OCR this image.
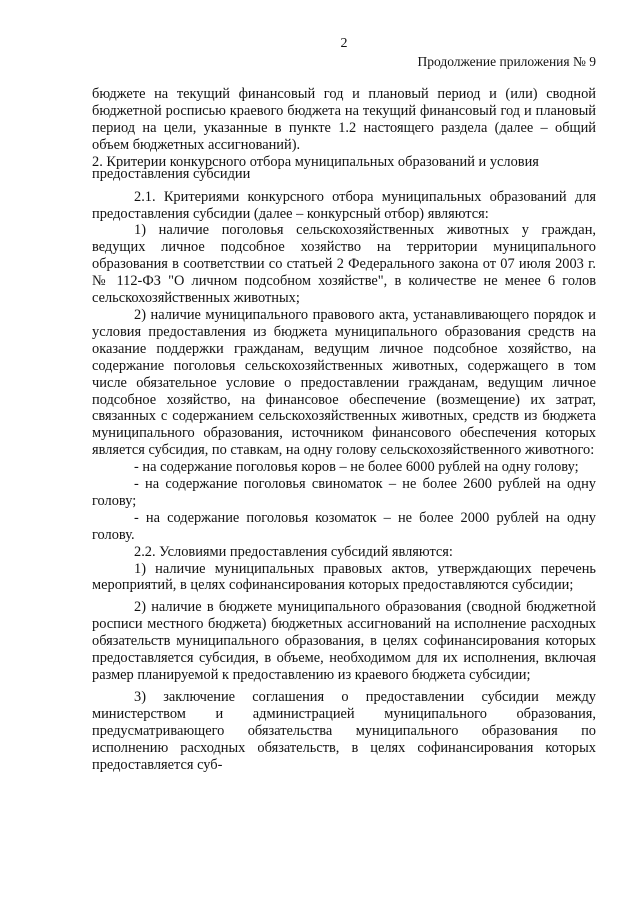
2
Продолжение приложения № 9

бюджете на текущий финансовый год и плановый период и (или) сводной бюджетной росписью краевого бюджета на текущий финансовый год и плановый период на цели, указанные в пункте 1.2 настоящего раздела (далее – общий объем бюджетных ассигнований).

2. Критерии конкурсного отбора муниципальных образований и условия предоставления субсидии

2.1. Критериями конкурсного отбора муниципальных образований для предоставления субсидии (далее – конкурсный отбор) являются:

1) наличие поголовья сельскохозяйственных животных у граждан, ведущих личное подсобное хозяйство на территории муниципального образования в соответствии со статьей 2 Федерального закона от 07 июля 2003 г. № 112-ФЗ "О личном подсобном хозяйстве", в количестве не менее 6 голов сельскохозяйственных животных;

2) наличие муниципального правового акта, устанавливающего порядок и условия предоставления из бюджета муниципального образования средств на оказание поддержки гражданам, ведущим личное подсобное хозяйство, на содержание поголовья сельскохозяйственных животных, содержащего в том числе обязательное условие о предоставлении гражданам, ведущим личное подсобное хозяйство, на финансовое обеспечение (возмещение) их затрат, связанных с содержанием сельскохозяйственных животных, средств из бюджета муниципального образования, источником финансового обеспечения которых является субсидия, по ставкам, на одну голову сельскохозяйственного животного:

- на содержание поголовья коров – не более 6000 рублей на одну голову;

- на содержание поголовья свиноматок – не более 2600 рублей на одну голову;

- на содержание поголовья козоматок – не более 2000 рублей на одну голову.

2.2. Условиями предоставления субсидий являются:

1) наличие муниципальных правовых актов, утверждающих перечень мероприятий, в целях софинансирования которых предоставляются субсидии;

2) наличие в бюджете муниципального образования (сводной бюджетной росписи местного бюджета) бюджетных ассигнований на исполнение расходных обязательств муниципального образования, в целях софинансирования которых предоставляется субсидия, в объеме, необходимом для их исполнения, включая размер планируемой к предоставлению из краевого бюджета субсидии;

3) заключение соглашения о предоставлении субсидии между министерством и администрацией муниципального образования, предусматривающего обязательства муниципального образования по исполнению расходных обязательств, в целях софинансирования которых предоставляется суб-
